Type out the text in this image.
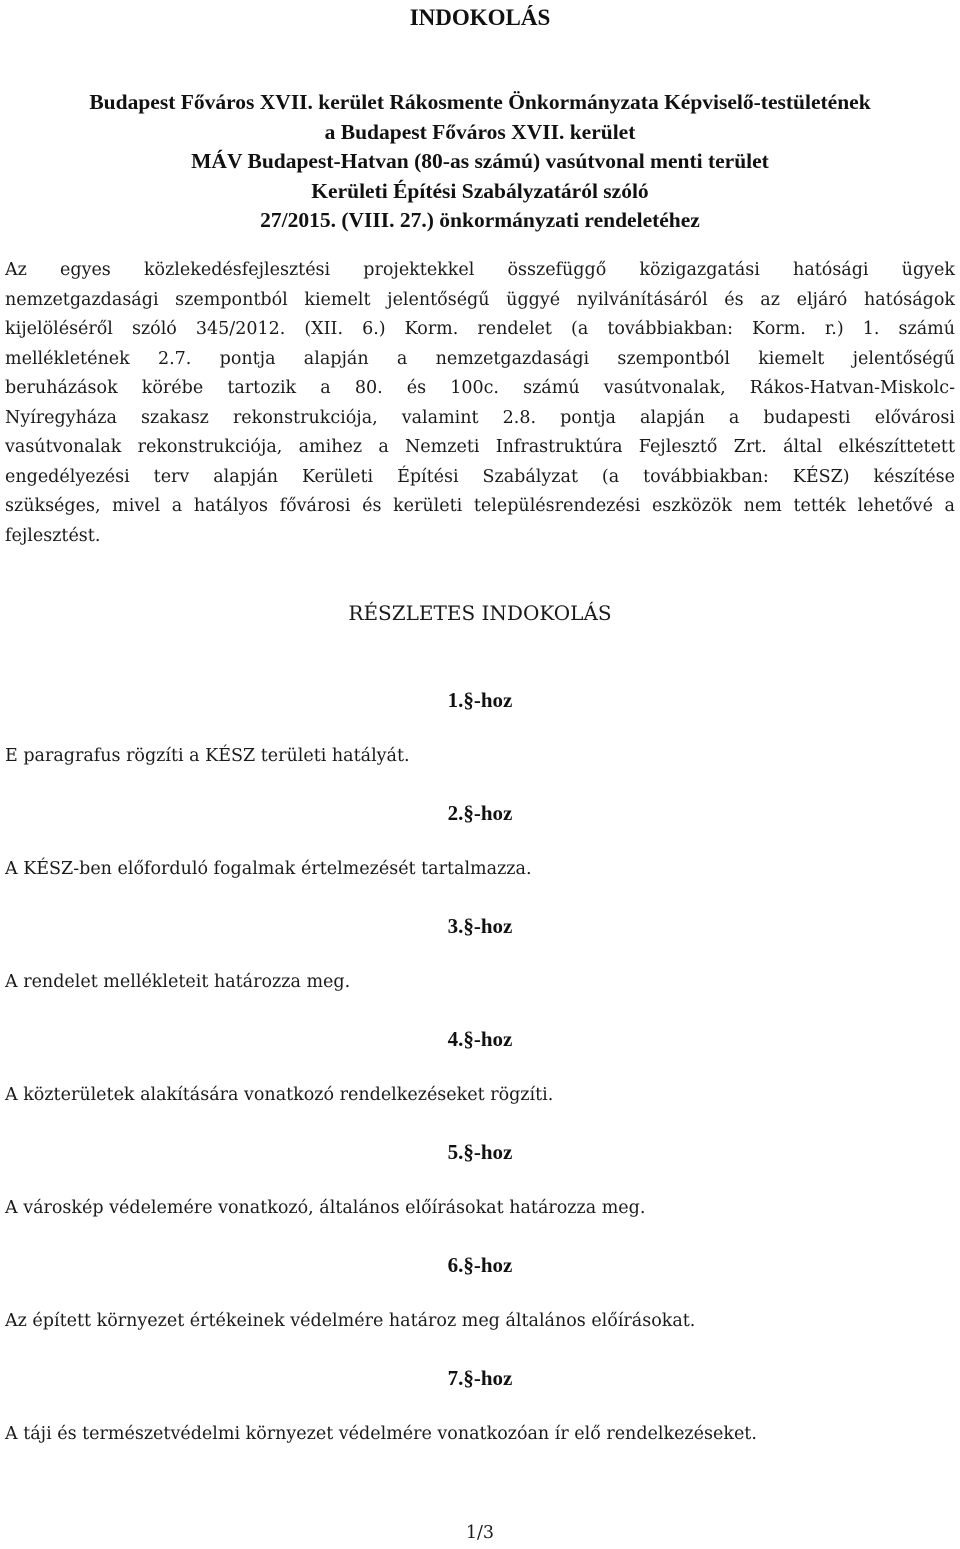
INDOKOLÁS
Budapest Főváros XVII. kerület Rákosmente Önkormányzata Képviselő-testületének
a Budapest Főváros XVII. kerület
MÁV Budapest-Hatvan (80-as számú) vasútvonal menti terület
Kerületi Építési Szabályzatáról szóló
27/2015. (VIII. 27.) önkormányzati rendeletéhez
Az egyes közlekedésfejlesztési projektekkel összefüggő közigazgatási hatósági ügyek
nemzetgazdasági szempontból kiemelt jelentőségű üggyé nyilvánításáról és az eljáró hatóságok
kijelöléséről szóló 345/2012. (XII. 6.) Korm. rendelet (a továbbiakban: Korm. r.) 1. számú
mellékletének 2.7. pontja alapján a nemzetgazdasági szempontból kiemelt jelentőségű
beruházások körébe tartozik a 80. és 100c. számú vasútvonalak, Rákos-Hatvan-Miskolc-
Nyíregyháza szakasz rekonstrukciója, valamint 2.8. pontja alapján a budapesti elővárosi
vasútvonalak rekonstrukciója, amihez a Nemzeti Infrastruktúra Fejlesztő Zrt. által elkészíttetett
engedélyezési terv alapján Kerületi Építési Szabályzat (a továbbiakban: KÉSZ) készítése
szükséges, mivel a hatályos fővárosi és kerületi településrendezési eszközök nem tették lehetővé a
fejlesztést.
RÉSZLETES INDOKOLÁS
1.§-hoz
E paragrafus rögzíti a KÉSZ területi hatályát.
2.§-hoz
A KÉSZ-ben előforduló fogalmak értelmezését tartalmazza.
3.§-hoz
A rendelet mellékleteit határozza meg.
4.§-hoz
A közterületek alakítására vonatkozó rendelkezéseket rögzíti.
5.§-hoz
A városkép védelemére vonatkozó, általános előírásokat határozza meg.
6.§-hoz
Az épített környezet értékeinek védelmére határoz meg általános előírásokat.
7.§-hoz
A táji és természetvédelmi környezet védelmére vonatkozóan ír elő rendelkezéseket.
1/3
